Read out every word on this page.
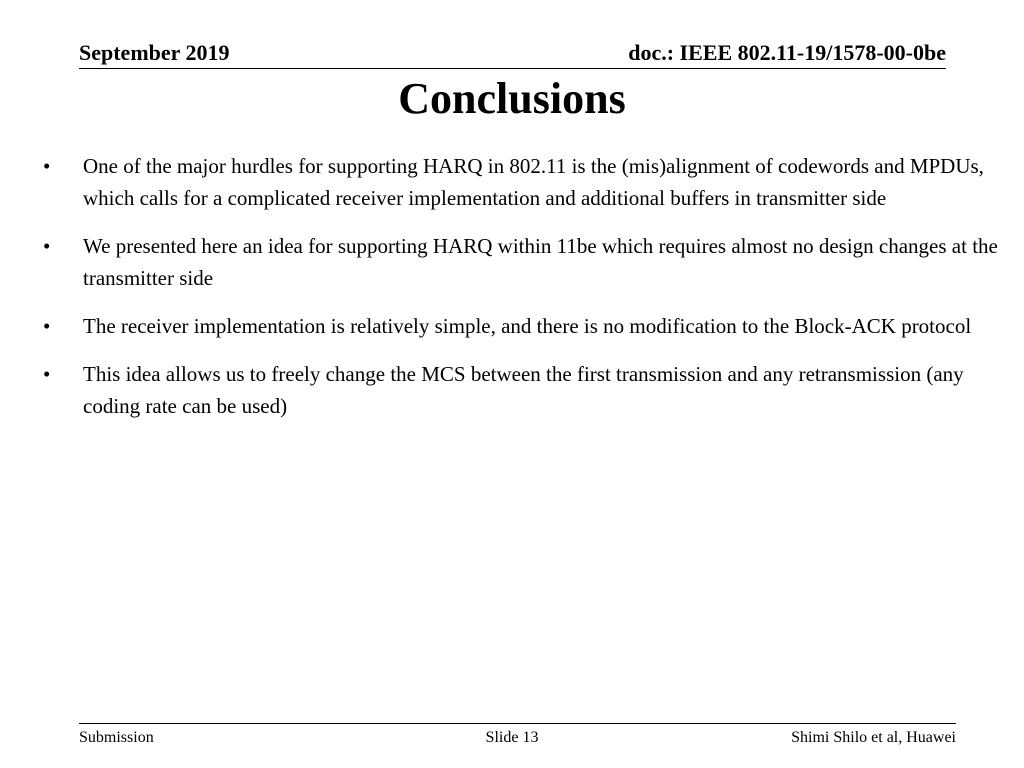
September 2019	doc.: IEEE 802.11-19/1578-00-0be
Conclusions
• One of the major hurdles for supporting HARQ in 802.11 is the (mis)alignment of codewords and MPDUs, which calls for a complicated receiver implementation and additional buffers in transmitter side
• We presented here an idea for supporting HARQ within 11be which requires almost no design changes at the transmitter side
• The receiver implementation is relatively simple, and there is no modification to the Block-ACK protocol
• This idea allows us to freely change the MCS between the first transmission and any retransmission (any coding rate can be used)
Submission	Slide 13	Shimi Shilo et al, Huawei
